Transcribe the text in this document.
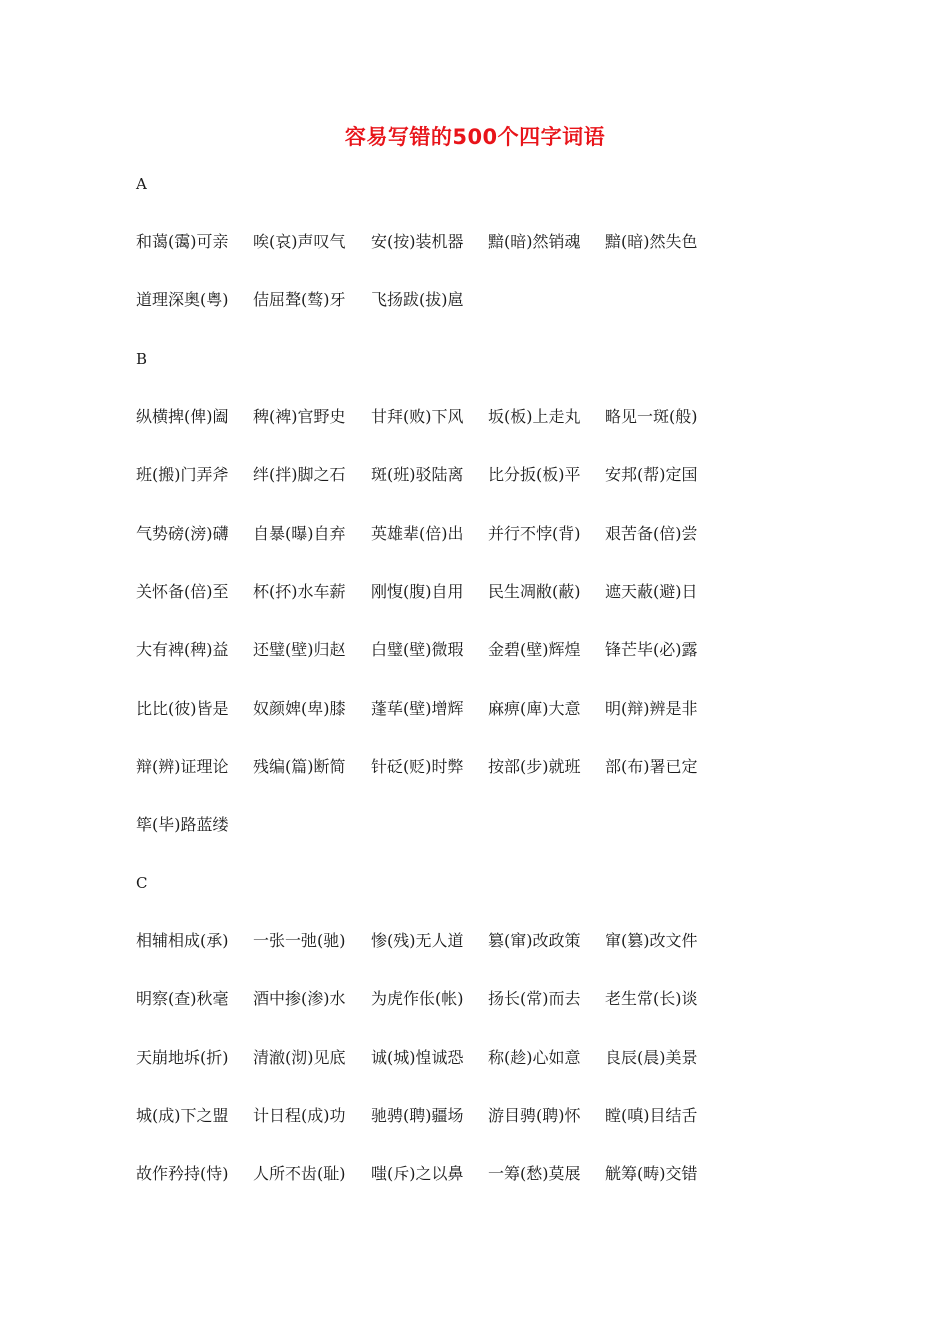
容易写错的500个四字词语
A
和蔼(霭)可亲 唉(哀)声叹气 安(按)装机器 黯(暗)然销魂 黯(暗)然失色
道理深奥(粤) 佶屈聱(骜)牙 飞扬跋(拔)扈
B
纵横捭(俾)阖 稗(裨)官野史 甘拜(败)下风 坂(板)上走丸 略见一斑(般)
班(搬)门弄斧 绊(拌)脚之石 斑(班)驳陆离 比分扳(板)平 安邦(帮)定国
气势磅(滂)礴 自暴(曝)自弃 英雄辈(倍)出 并行不悖(背) 艰苦备(倍)尝
关怀备(倍)至 杯(抔)水车薪 刚愎(腹)自用 民生凋敝(蔽) 遮天蔽(避)日
大有裨(稗)益 还璧(壁)归赵 白璧(壁)微瑕 金碧(壁)辉煌 锋芒毕(必)露
比比(彼)皆是 奴颜婢(卑)膝 蓬荜(壁)增辉 麻痹(庳)大意 明(辩)辨是非
辩(辨)证理论 残编(篇)断简 针砭(贬)时弊 按部(步)就班 部(布)署已定
筚(毕)路蓝缕
C
相辅相成(承) 一张一弛(驰) 惨(残)无人道 篡(窜)改政策 窜(篡)改文件
明察(查)秋毫 酒中掺(渗)水 为虎作伥(帐) 扬长(常)而去 老生常(长)谈
天崩地坼(折) 清澈(沏)见底 诚(城)惶诚恐 称(趁)心如意 良辰(晨)美景
城(成)下之盟 计日程(成)功 驰骋(聘)疆场 游目骋(聘)怀 瞠(嗔)目结舌
故作矜持(恃) 人所不齿(耻) 嗤(斥)之以鼻 一筹(愁)莫展 觥筹(畴)交错
